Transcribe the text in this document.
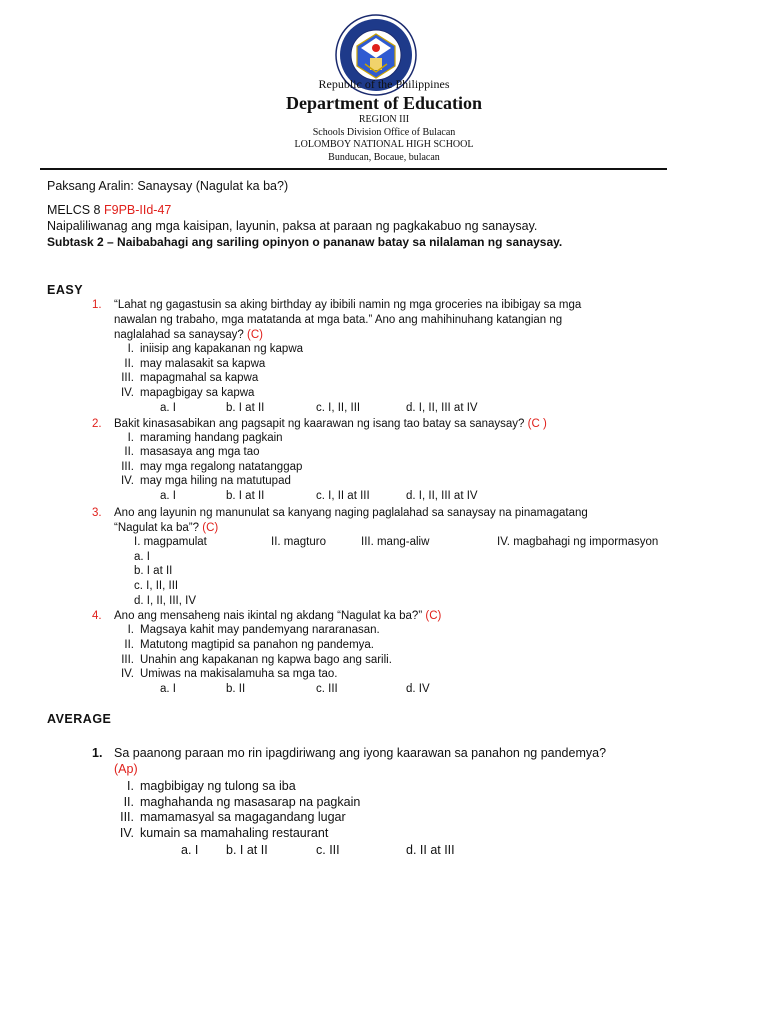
Republic of the Philippines
Department of Education
REGION III
Schools Division Office of Bulacan
LOLOMBOY NATIONAL HIGH SCHOOL
Bunducan, Bocaue, bulacan
Paksang Aralin: Sanaysay (Nagulat ka ba?)
MELCS 8 F9PB-IId-47
Naipaliliwanag ang mga kaisipan, layunin, paksa at paraan ng pagkakabuo ng sanaysay.
Subtask 2 – Naibabahagi ang sariling opinyon o pananaw batay sa nilalaman ng sanaysay.
EASY
1. “Lahat ng gagastusin sa aking birthday ay ibibili namin ng mga groceries na ibibigay sa mga
nawalan ng trabaho, mga matatanda at mga bata.” Ano ang mahihinuhang katangian ng
naglalahad sa sanaysay? (C)
I. iniisip ang kapakanan ng kapwa
II. may malasakit sa kapwa
III. mapagmahal sa kapwa
IV. mapagbigay sa kapwa
a. I	b. I at II	c. I, II, III	d. I, II, III at IV
2. Bakit kinasasabikan ang pagsapit ng kaarawan ng isang tao batay sa sanaysay? (C )
I. maraming handang pagkain
II. masasaya ang mga tao
III. may mga regalong natatanggap
IV. may mga hiling na matutupad
a. I	b. I at II	c. I, II at III	d. I, II, III at IV
3. Ano ang layunin ng manunulat sa kanyang naging paglalahad sa sanaysay na pinamagatang
“Nagulat ka ba”? (C)
I. magpamulat	II. magturo	III. mang-aliw	IV. magbahagi ng impormasyon
a. I
b. I at II
c. I, II, III
d. I, II, III, IV
4. Ano ang mensaheng nais ikintal ng akdang “Nagulat ka ba?” (C)
I. Magsaya kahit may pandemyang nararanasan.
II. Matutong magtipid sa panahon ng pandemya.
III. Unahin ang kapakanan ng kapwa bago ang sarili.
IV. Umiwas na makisalamuha sa mga tao.
a. I	b. II	c. III	d. IV
AVERAGE
1. Sa paanong paraan mo rin ipagdiriwang ang iyong kaarawan sa panahon ng pandemya?
(Ap)
I. magbibigay ng tulong sa iba
II. maghahanda ng masasarap na pagkain
III. mamamasyal sa magagandang lugar
IV. kumain sa mamahaling restaurant
a. I b. I at II	c. III	d. II at III
